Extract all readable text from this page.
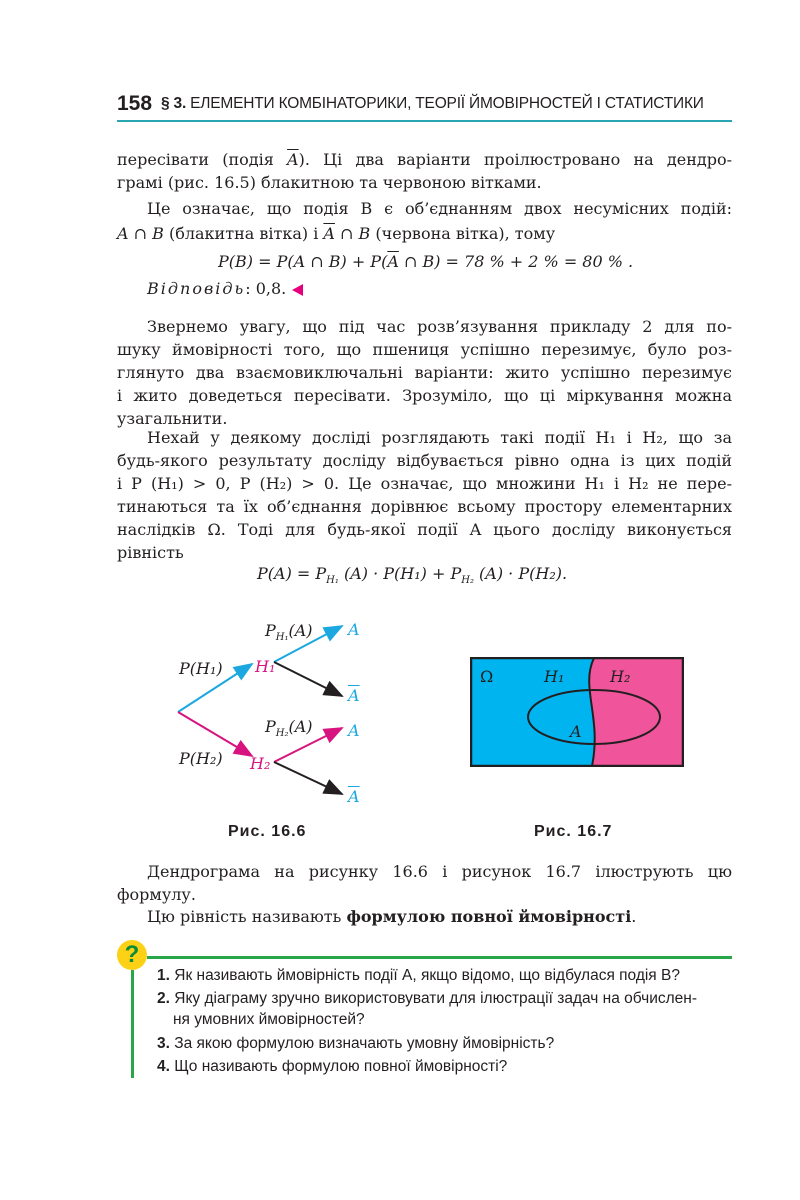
158 § 3. ЕЛЕМЕНТИ КОМБІНАТОРИКИ, ТЕОРІЇ ЙМОВІРНОСТЕЙ І СТАТИСТИКИ
пересівати (подія $\overline{A}$). Ці два варіанти проілюстровано на дендро-
грамі (рис. 16.5) блакитною та червоною вітками.
Це означає, що подія B є об’єднанням двох несумісних подій:
A ∩ B (блакитна вітка) і $\overline{A}$ ∩ B (червона вітка), тому
P(B) = P(A ∩ $B) + P(\overline{A}$ ∩ B) = 78 % + 2 % = 80 % .
Відповідь: 0,8.
Звернемо увагу, що під час розв’язування прикладу 2 для по-
шуку ймовірності того, що пшениця успішно перезимує, було роз-
глянуто два взаємовиключальні варіанти: жито успішно перезимує
і жито доведеться пересівати. Зрозуміло, що ці міркування можна
узагальнити.
Нехай у деякому досліді розглядають такі події H₁ і H₂, що за
будь-якого результату досліду відбувається рівно одна із цих подій
і P (H₁) > 0, P (H₂) > 0. Це означає, що множини H₁ і H₂ не пере-
тинаються та їх об’єднання дорівнює всьому простору елементарних
наслідків Ω. Тоді для будь-якої події A цього досліду виконується
рівність
$P(A) = P_{H_1}$ $(A) \cdot P(H_1) + P_{H_2}$ (A) · P(H₂).
P(H₁)
P(H₂)
H₁
H₂
$P_{H_1}(A)$
$P_{H_2}(A)$
A
$\overline{A}$
A
$\overline{A}$
Рис. 16.6
Ω	H₁	H₂
A
Рис. 16.7
Дендрограма на рисунку 16.6 і рисунок 16.7 ілюструють цю
формулу.
Цю рівність називають формулою повної ймовірності.
?
1. Як називають ймовірність події A, якщо відомо, що відбулася подія B?
2. Яку діаграму зручно використовувати для ілюстрації задач на обчислен-
ня умовних ймовірностей?
3. За якою формулою визначають умовну ймовірність?
4. Що називають формулою повної ймовірності?
